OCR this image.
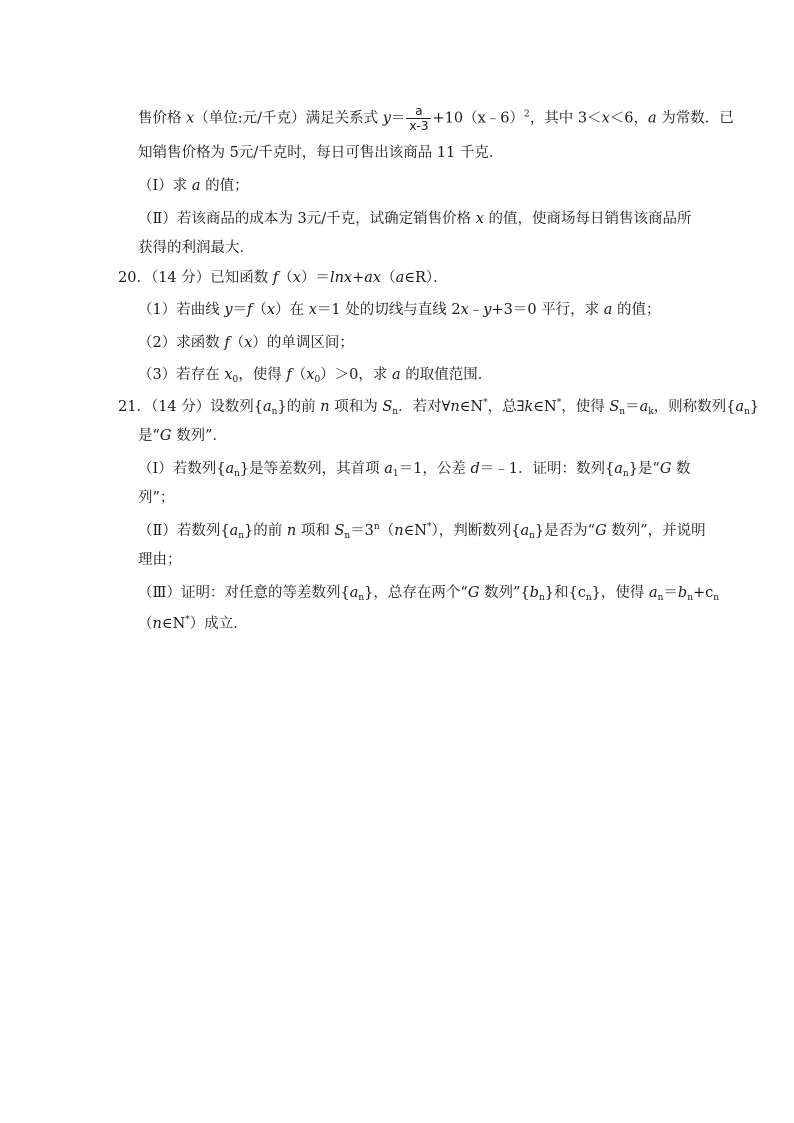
售价格 x（单位:元/千克）满足关系式 $y= \frac{a}{x-3}$ +10（x﹣6）$^2$，其中 3＜x＜6，a 为常数．已
知销售价格为 5元/千克时，每日可售出该商品 11 千克．
（Ⅰ）求 a 的值；
（Ⅱ）若该商品的成本为 3元/千克，试确定销售价格 x 的值，使商场每日销售该商品所
获得的利润最大．
20．（14 分）已知函数 f（x）＝lnx+ax（a∈R）．
（1）若曲线 y＝f（x）在 x＝1 处的切线与直线 2x﹣y+3＝0 平行，求 a 的值；
（2）求函数 f（x）的单调区间；
（3）若存在 $x_0$，使得 $f(x_0)>0$，求 a 的取值范围．
21．（14 分）设数列$\{a_n\}$的前 n 项和为 $S_n$．若对∀n∈N*，总∃k∈N*，使得 $S_n=a_k$，则称数列$\{a_n\}$
是“G 数列”．
（Ⅰ）若数列$\{a_n\}$是等差数列，其首项 $a_1=1$，公差 d＝﹣1．证明：数列$\{a_n\}$是“G 数
列”；
（Ⅱ）若数列$\{a_n\}$的前 n 项和 $S_n=3^n(n\in N^*)$，判断数列$\{a_n\}$是否为“G 数列”，并说明
理由；
（Ⅲ）证明：对任意的等差数列$\{a_n\}$，总存在两个“G 数列$”\{b_n\}$和$\{c_n\}$，使得 $a_n=b_n+c_n$
（n∈N*）成立．
